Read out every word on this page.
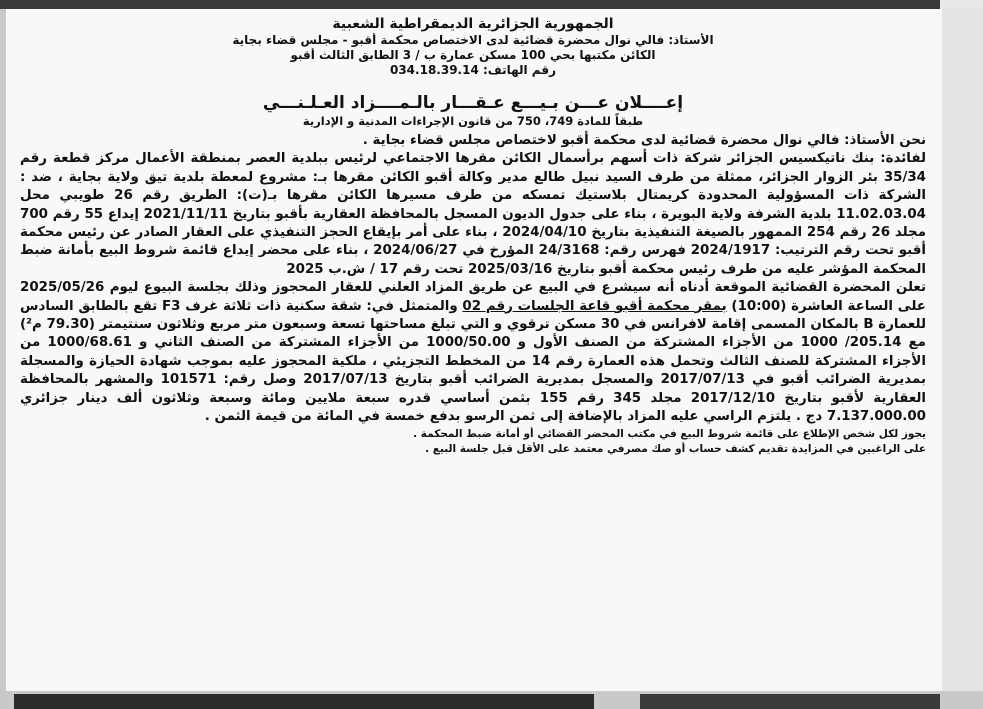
الجمهورية الجزائرية الديمقراطية الشعبية
الأستاذ: فالي نوال محضرة قضائية لدى الاختصاص محكمة أقبو - مجلس قضاء بجاية
الكائن مكتبها بحي 100 مسكن عمارة ب / 3 الطابق الثالث أقبو
رقم الهاتف: 034.18.39.14
إعــــلان عـــن بـيـــع عـقـــار بالـمــــزاد العـلـنـــي
طبقاً للمادة 749، 750 من قانون الإجراءات المدنية و الإدارية

نحن الأستاذ: فالي نوال محضرة قضائية لدى محكمة أقبو لاختصاص مجلس قضاء بجاية .

لفائدة: بنك ناتيكسيس الجزائر شركة ذات أسهم برأسمال الكائن مقرها الاجتماعي لرئيس ببلدية العصر بمنطقة الأعمال مركز قطعة رقم 35/34 بئر الزوار الجزائر، ممثلة من طرف السيد نبيل طالع مدير وكالة أقبو الكائن مقرها بـ: مشروع لمعطة بلدية تيق ولاية بجاية ، ضد : الشركة ذات المسؤولية المحدودة كريمتال بلاستيك تمسكه من طرف مسيرها الكائن مقرها بـ(ت): الطريق رقم 26 طويبي محل 11.02.03.04 بلدية الشرفة ولاية البويرة ، بناء على جدول الديون المسجل بالمحافظة العقارية بأقبو بتاريخ 2021/11/11 إيداع 55 رقم 700 مجلد 26 رقم 254 الممهور بالصيغة التنفيذية بتاريخ 2024/04/10 ، بناء على أمر بإيقاع الحجز التنفيذي على العقار الصادر عن رئيس محكمة أقبو تحت رقم الترتيب: 2024/1917 فهرس رقم: 24/3168 المؤرخ في 2024/06/27 ، بناء على محضر إيداع قائمة شروط البيع بأمانة ضبط المحكمة المؤشر عليه من طرف رئيس محكمة أقبو بتاريخ 2025/03/16 تحت رقم 17 / ش.ب 2025

تعلن المحضرة القضائية الموقعة أدناه أنه سيشرع في البيع عن طريق المزاد العلني للعقار المحجوز وذلك بجلسة البيوع ليوم 2025/05/26 على الساعة العاشرة (10:00) بمقر محكمة أقبو قاعة الجلسات رقم 02 والمتمثل في: شقة سكنية ذات ثلاثة غرف F3 تقع بالطابق السادس للعمارة B بالمكان المسمى إقامة لافرانس في 30 مسكن ترقوي و التي تبلغ مساحتها تسعة وسبعون متر مربع وثلاثون سنتيمتر (79.30 م²) مع 205.14/ 1000 من الأجزاء المشتركة من الصنف الأول و 1000/50.00 من الأجزاء المشتركة من الصنف الثاني و 1000/68.61 من الأجزاء المشتركة للصنف الثالث وتحمل هذه العمارة رقم 14 من المخطط التجزيئي ، ملكية المحجوز عليه بموجب شهادة الحيازة والمسجلة بمديرية الضرائب أقبو في 2017/07/13 والمسجل بمديرية الضرائب أقبو بتاريخ 2017/07/13 وصل رقم: 101571 والمشهر بالمحافظة العقارية لأقبو بتاريخ 2017/12/10 مجلد 345 رقم 155 بثمن أساسي قدره سبعة ملايين ومائة وسبعة وثلاثون ألف دينار جزائري 7.137.000.00 دج . يلتزم الراسي عليه المزاد بالإضافة إلى ثمن الرسو بدفع خمسة في المائة من قيمة الثمن .

يجوز لكل شخص الإطلاع على قائمة شروط البيع في مكتب المحضر القضائي أو أمانة ضبط المحكمة .
على الراغبين في المزايدة تقديم كشف حساب أو صك مصرفي معتمد على الأقل قبل جلسة البيع .
